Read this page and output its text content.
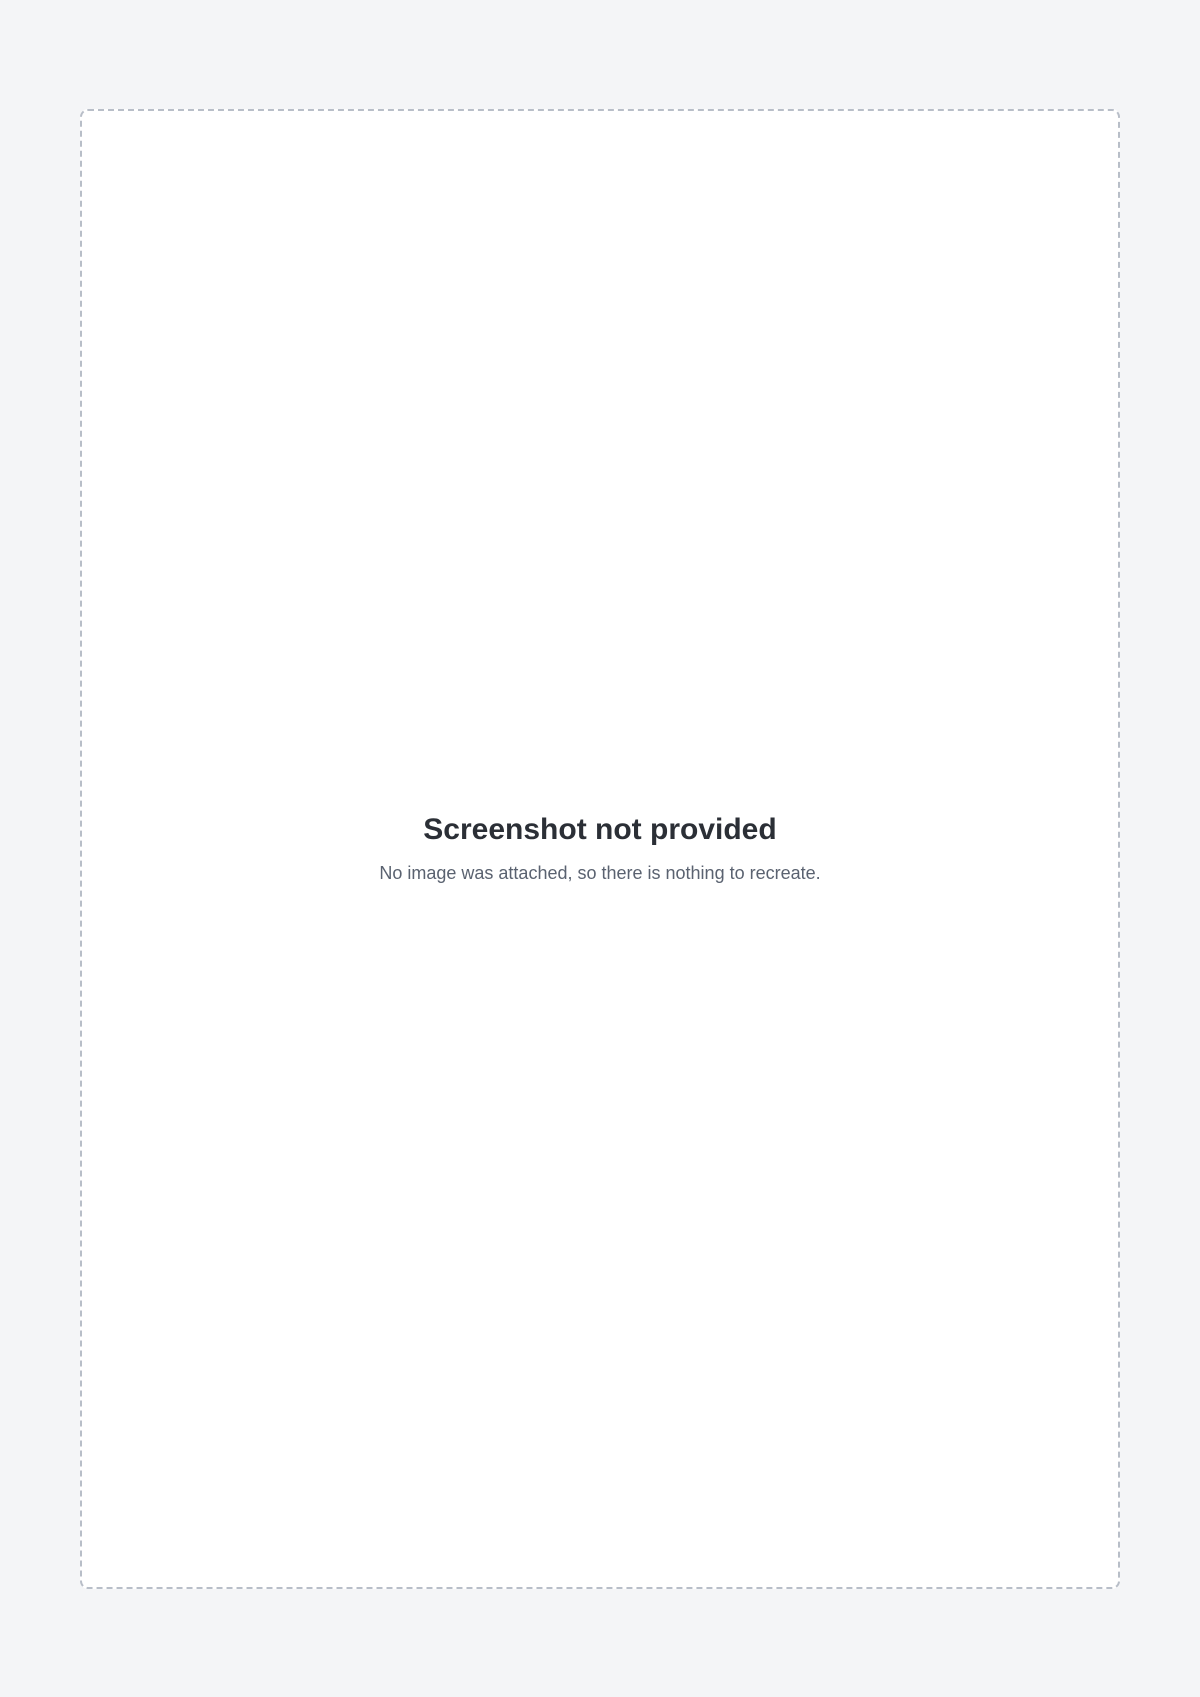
Screenshot not provided

No image was attached, so there is nothing to recreate.
